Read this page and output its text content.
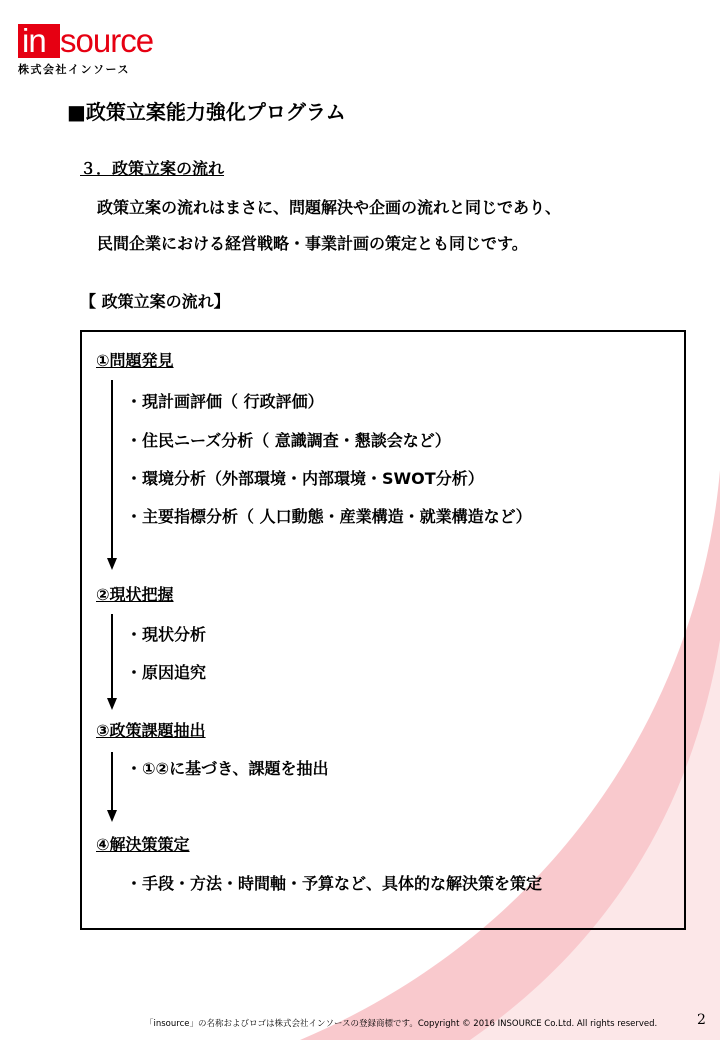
in source
株式会社インソース
■政策立案能力強化プログラム
３．政策立案の流れ
政策立案の流れはまさに、問題解決や企画の流れと同じであり、
民間企業における経営戦略・事業計画の策定とも同じです。
【 政策立案の流れ】
①問題発見
・現計画評価（ 行政評価）
・住民ニーズ分析（ 意識調査・懇談会など）
・環境分析（外部環境・内部環境・SWOT分析）
・主要指標分析（ 人口動態・産業構造・就業構造など）
②現状把握
・現状分析
・原因追究
③政策課題抽出
・①②に基づき、課題を抽出
④解決策策定
・手段・方法・時間軸・予算など、具体的な解決策を策定
「insource」の名称およびロゴは株式会社インソースの登録商標です。Copyright © 2016 INSOURCE Co.Ltd. All rights reserved.	2
